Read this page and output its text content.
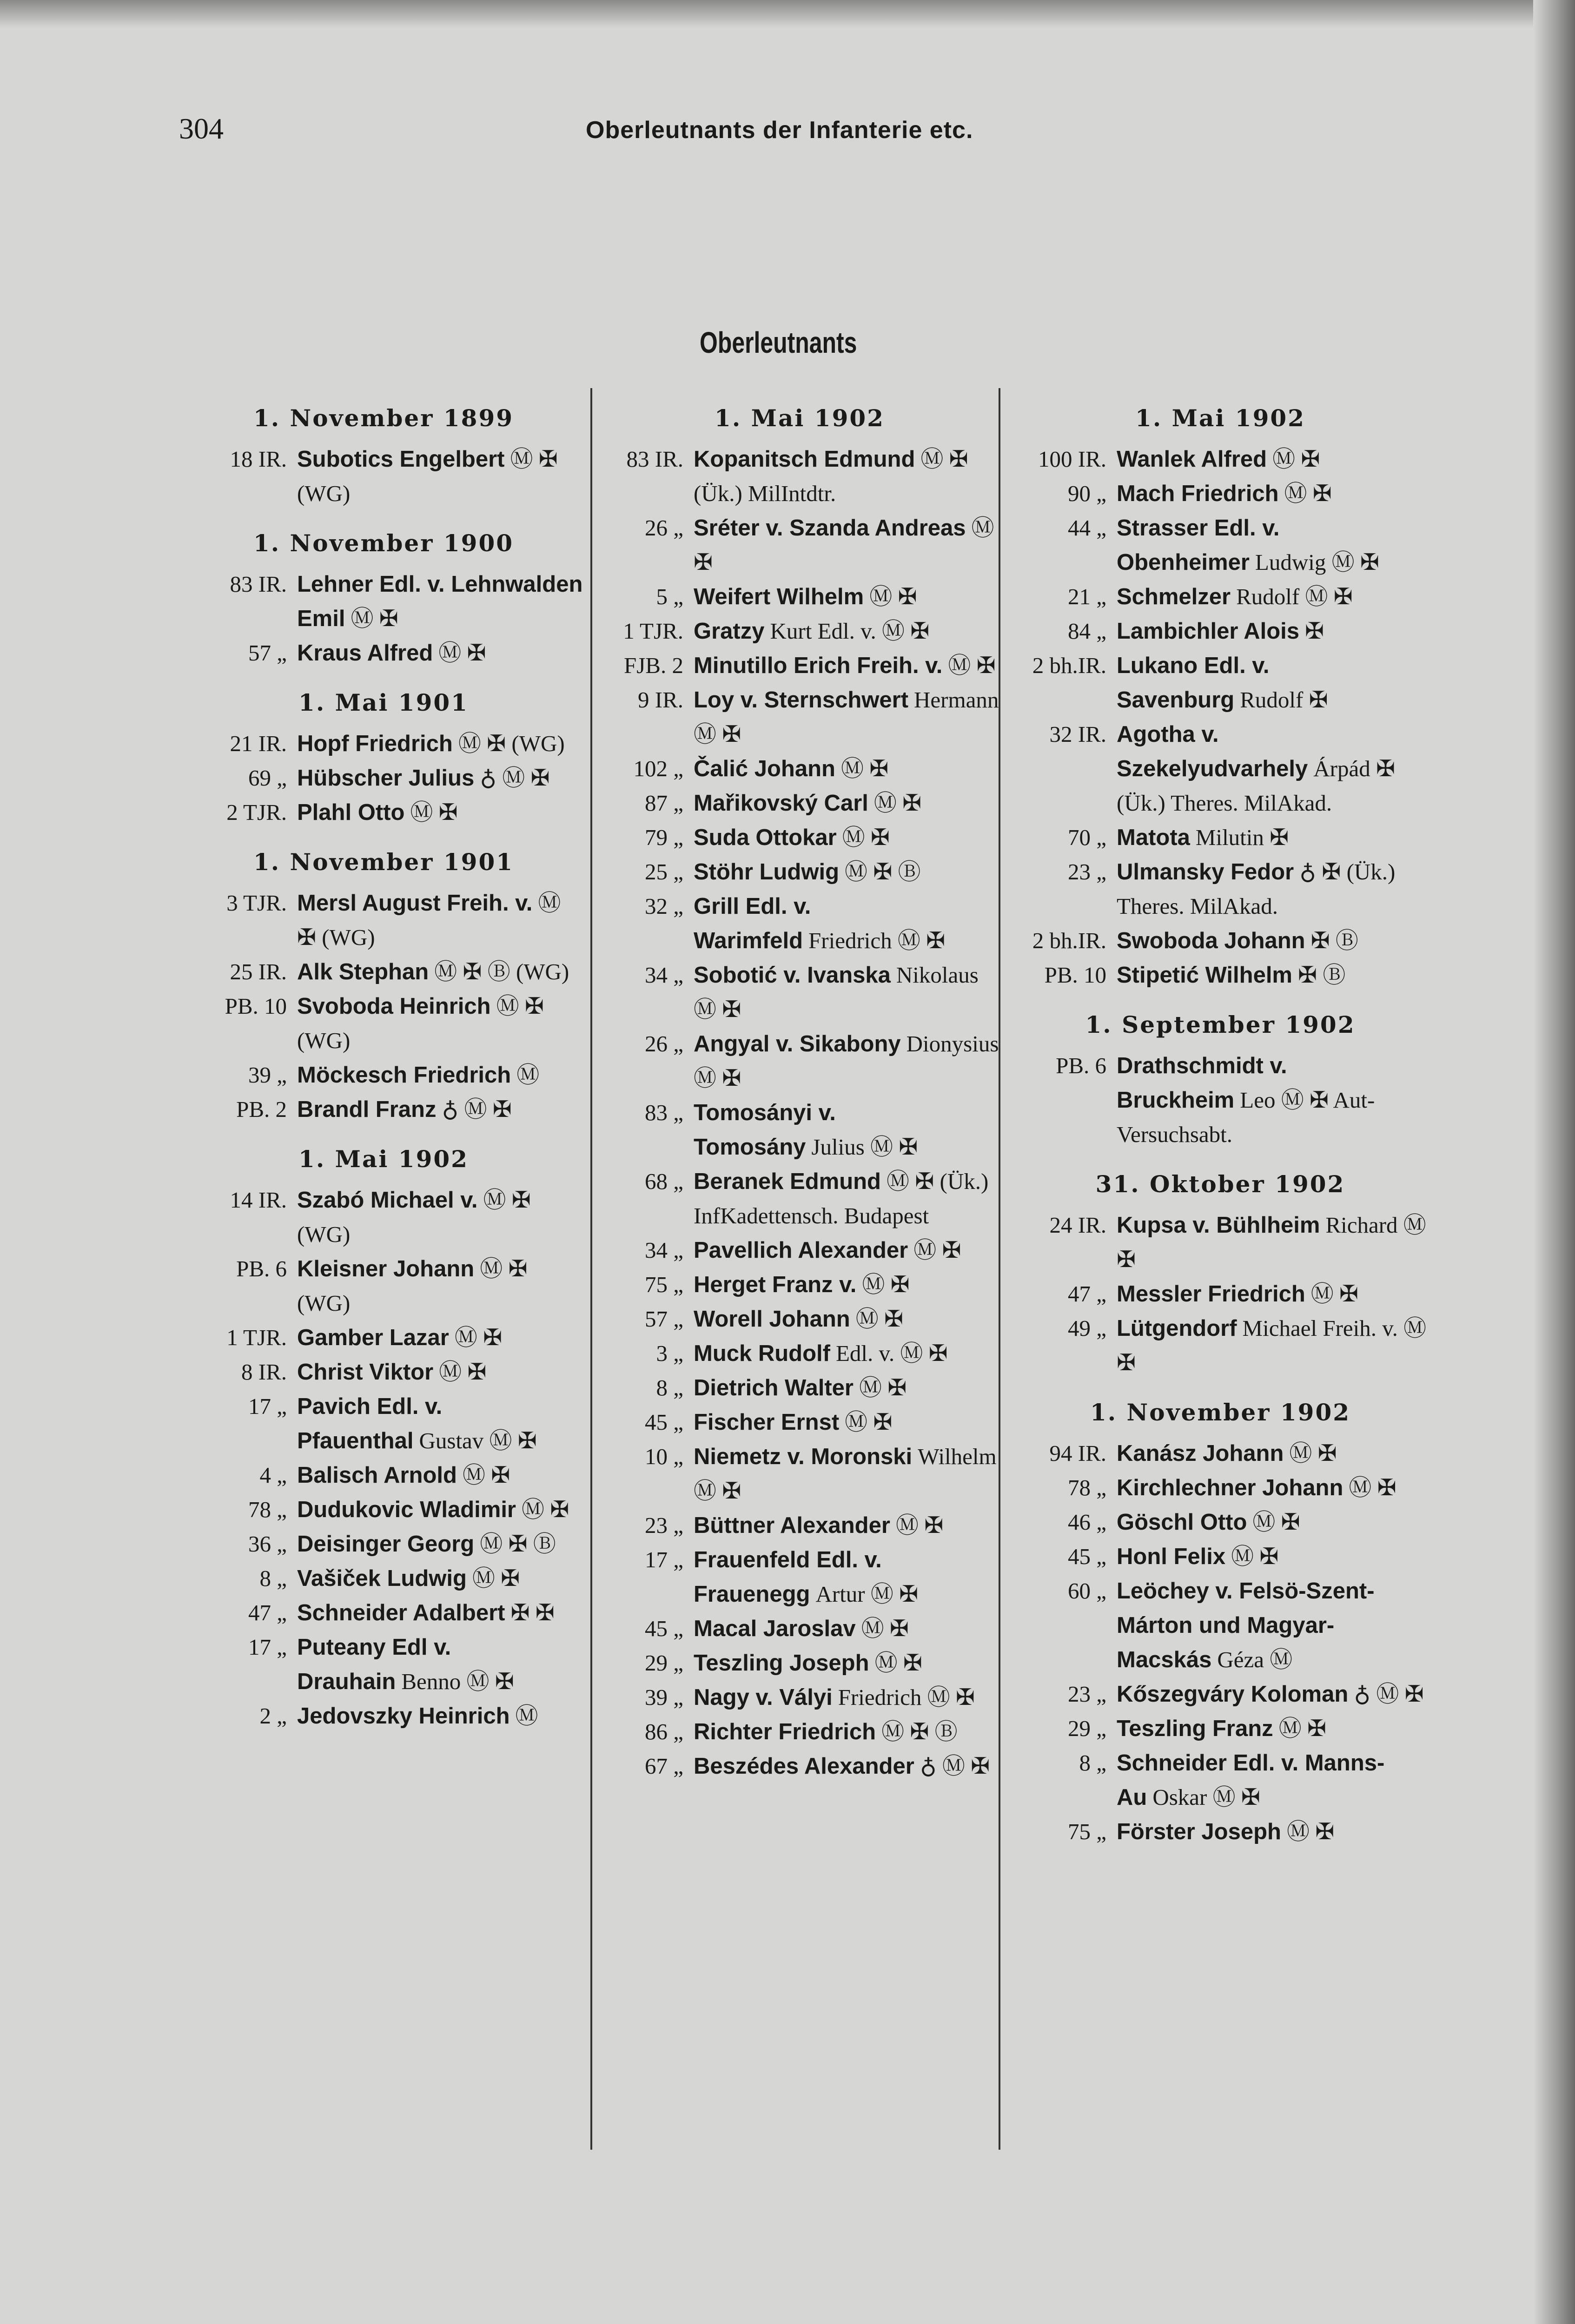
304	Oberleutnants der Infanterie etc.
Oberleutnants
1. November 1899
18 IR. Subotics Engelbert Ⓜ ✠ (WG)
1. November 1900
83 IR. Lehner Edl. v. Lehnwalden Emil Ⓜ ✠
57 „ Kraus Alfred Ⓜ ✠
1. Mai 1901
21 IR. Hopf Friedrich Ⓜ ✠ (WG)
69 „ Hübscher Julius ♁ Ⓜ ✠
2 TJR. Plahl Otto Ⓜ ✠
1. November 1901
3 TJR. Mersl August Freih. v. Ⓜ ✠ (WG)
25 IR. Alk Stephan Ⓜ ✠ Ⓑ (WG)
PB. 10 Svoboda Heinrich Ⓜ ✠ (WG)
39 „ Möckesch Friedrich Ⓜ
PB. 2 Brandl Franz ♁ Ⓜ ✠
1. Mai 1902
14 IR. Szabó Michael v. Ⓜ ✠ (WG)
PB. 6 Kleisner Johann Ⓜ ✠ (WG)
1 TJR. Gamber Lazar Ⓜ ✠
8 IR. Christ Viktor Ⓜ ✠
17 „ Pavich Edl. v. Pfauenthal Gustav Ⓜ ✠
4 „ Balisch Arnold Ⓜ ✠
78 „ Dudukovic Wladimir Ⓜ ✠
36 „ Deisinger Georg Ⓜ ✠ Ⓑ
8 „ Vašiček Ludwig Ⓜ ✠
47 „ Schneider Adalbert ✠ ✠
17 „ Puteany Edl v. Drauhain Benno Ⓜ ✠
2 „ Jedovszky Heinrich Ⓜ
1. Mai 1902
83 IR. Kopanitsch Edmund Ⓜ ✠ (Ük.) MilIntdtr.
26 „ Sréter v. Szanda Andreas Ⓜ ✠
5 „ Weifert Wilhelm Ⓜ ✠
1 TJR. Gratzy Kurt Edl. v. Ⓜ ✠
FJB. 2 Minutillo Erich Freih. v. Ⓜ ✠
9 IR. Loy v. Sternschwert Hermann Ⓜ ✠
102 „ Čalić Johann Ⓜ ✠
87 „ Mařikovský Carl Ⓜ ✠
79 „ Suda Ottokar Ⓜ ✠
25 „ Stöhr Ludwig Ⓜ ✠ Ⓑ
32 „ Grill Edl. v. Warimfeld Friedrich Ⓜ ✠
34 „ Sobotić v. Ivanska Nikolaus Ⓜ ✠
26 „ Angyal v. Sikabony Dionysius Ⓜ ✠
83 „ Tomosányi v. Tomosány Julius Ⓜ ✠
68 „ Beranek Edmund Ⓜ ✠ (Ük.) InfKadettensch. Budapest
34 „ Pavellich Alexander Ⓜ ✠
75 „ Herget Franz v. Ⓜ ✠
57 „ Worell Johann Ⓜ ✠
3 „ Muck Rudolf Edl. v. Ⓜ ✠
8 „ Dietrich Walter Ⓜ ✠
45 „ Fischer Ernst Ⓜ ✠
10 „ Niemetz v. Moronski Wilhelm Ⓜ ✠
23 „ Büttner Alexander Ⓜ ✠
17 „ Frauenfeld Edl. v. Frauenegg Artur Ⓜ ✠
45 „ Macal Jaroslav Ⓜ ✠
29 „ Teszling Joseph Ⓜ ✠
39 „ Nagy v. Vályi Friedrich Ⓜ ✠
86 „ Richter Friedrich Ⓜ ✠ Ⓑ
67 „ Beszédes Alexander ♁ Ⓜ ✠
1. Mai 1902
100 IR. Wanlek Alfred Ⓜ ✠
90 „ Mach Friedrich Ⓜ ✠
44 „ Strasser Edl. v. Obenheimer Ludwig Ⓜ ✠
21 „ Schmelzer Rudolf Ⓜ ✠
84 „ Lambichler Alois ✠
2 bh.IR. Lukano Edl. v. Savenburg Rudolf ✠
32 IR. Agotha v. Szekelyudvarhely Árpád ✠ (Ük.) Theres. MilAkad.
70 „ Matota Milutin ✠
23 „ Ulmansky Fedor ♁ ✠ (Ük.) Theres. MilAkad.
2 bh.IR. Swoboda Johann ✠ Ⓑ
PB. 10 Stipetić Wilhelm ✠ Ⓑ
1. September 1902
PB. 6 Drathschmidt v. Bruckheim Leo Ⓜ ✠ Aut-Versuchsabt.
31. Oktober 1902
24 IR. Kupsa v. Bühlheim Richard Ⓜ ✠
47 „ Messler Friedrich Ⓜ ✠
49 „ Lütgendorf Michael Freih. v. Ⓜ ✠
1. November 1902
94 IR. Kanász Johann Ⓜ ✠
78 „ Kirchlechner Johann Ⓜ ✠
46 „ Göschl Otto Ⓜ ✠
45 „ Honl Felix Ⓜ ✠
60 „ Leöchey v. Felsö-Szent-Márton und Magyar-Macskás Géza Ⓜ
23 „ Kőszegváry Koloman ♁ Ⓜ ✠
29 „ Teszling Franz Ⓜ ✠
8 „ Schneider Edl. v. Manns-Au Oskar Ⓜ ✠
75 „ Förster Joseph Ⓜ ✠
